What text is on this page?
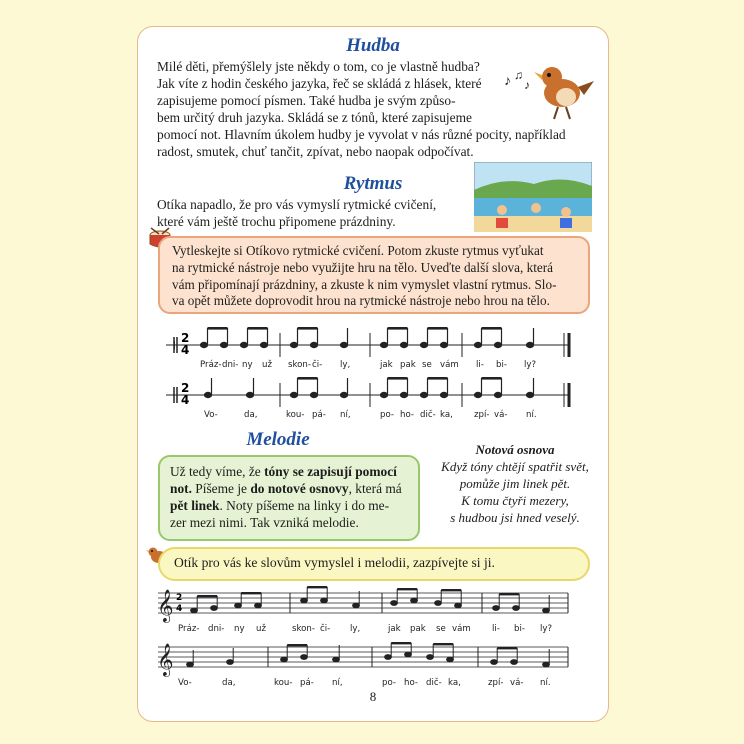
Hudba
Milé děti, přemýšlely jste někdy o tom, co je vlastně hudba?
Jak víte z hodin českého jazyka, řeč se skládá z hlásek, které
zapisujeme pomocí písmen. Také hudba je svým způso-
bem určitý druh jazyka. Skládá se z tónů, které zapisujeme
pomocí not. Hlavním úkolem hudby je vyvolat v nás různé pocity, například
radost, smutek, chuť tančit, zpívat, nebo naopak odpočívat.
♪ ♫
♪
Rytmus
Otíka napadlo, že pro vás vymyslí rytmické cvičení,
které vám ještě trochu připomene prázdniny.
Vytleskejte si Otíkovo rytmické cvičení. Potom zkuste rytmus vyťukat
na rytmické nástroje nebo využijte hru na tělo. Uveďte další slova, která
vám připomínají prázdniny, a zkuste k nim vymyslet vlastní rytmus. Slo-
va opět můžete doprovodit hrou na rytmické nástroje nebo hrou na tělo.
2
4
Práz- dni- ny už skon- či- ly,	jak pak se vám li- bi- ly?
2
4
Vo-	da,	kou- pá- ní,	po- ho- dič- ka, zpí- vá- ní.
Melodie
Už tedy víme, že tóny se zapisují pomocí
not. Píšeme je do notové osnovy, která má
pět linek. Noty píšeme na linky i do me-
zer mezi nimi. Tak vzniká melodie.
Notová osnova
Když tóny chtějí spatřit svět,
pomůže jim linek pět.
K tomu čtyři mezery,
s hudbou jsi hned veselý.
Otík pro vás ke slovům vymyslel i melodii, zazpívejte si ji.
𝄞 2
4
Práz- dni- ny už	skon- či- ly,	jak pak se vám li- bi- ly?
𝄞
Vo-	da,	kou- pá- ní,	po- ho- dič- ka,	zpí- vá- ní.
8
